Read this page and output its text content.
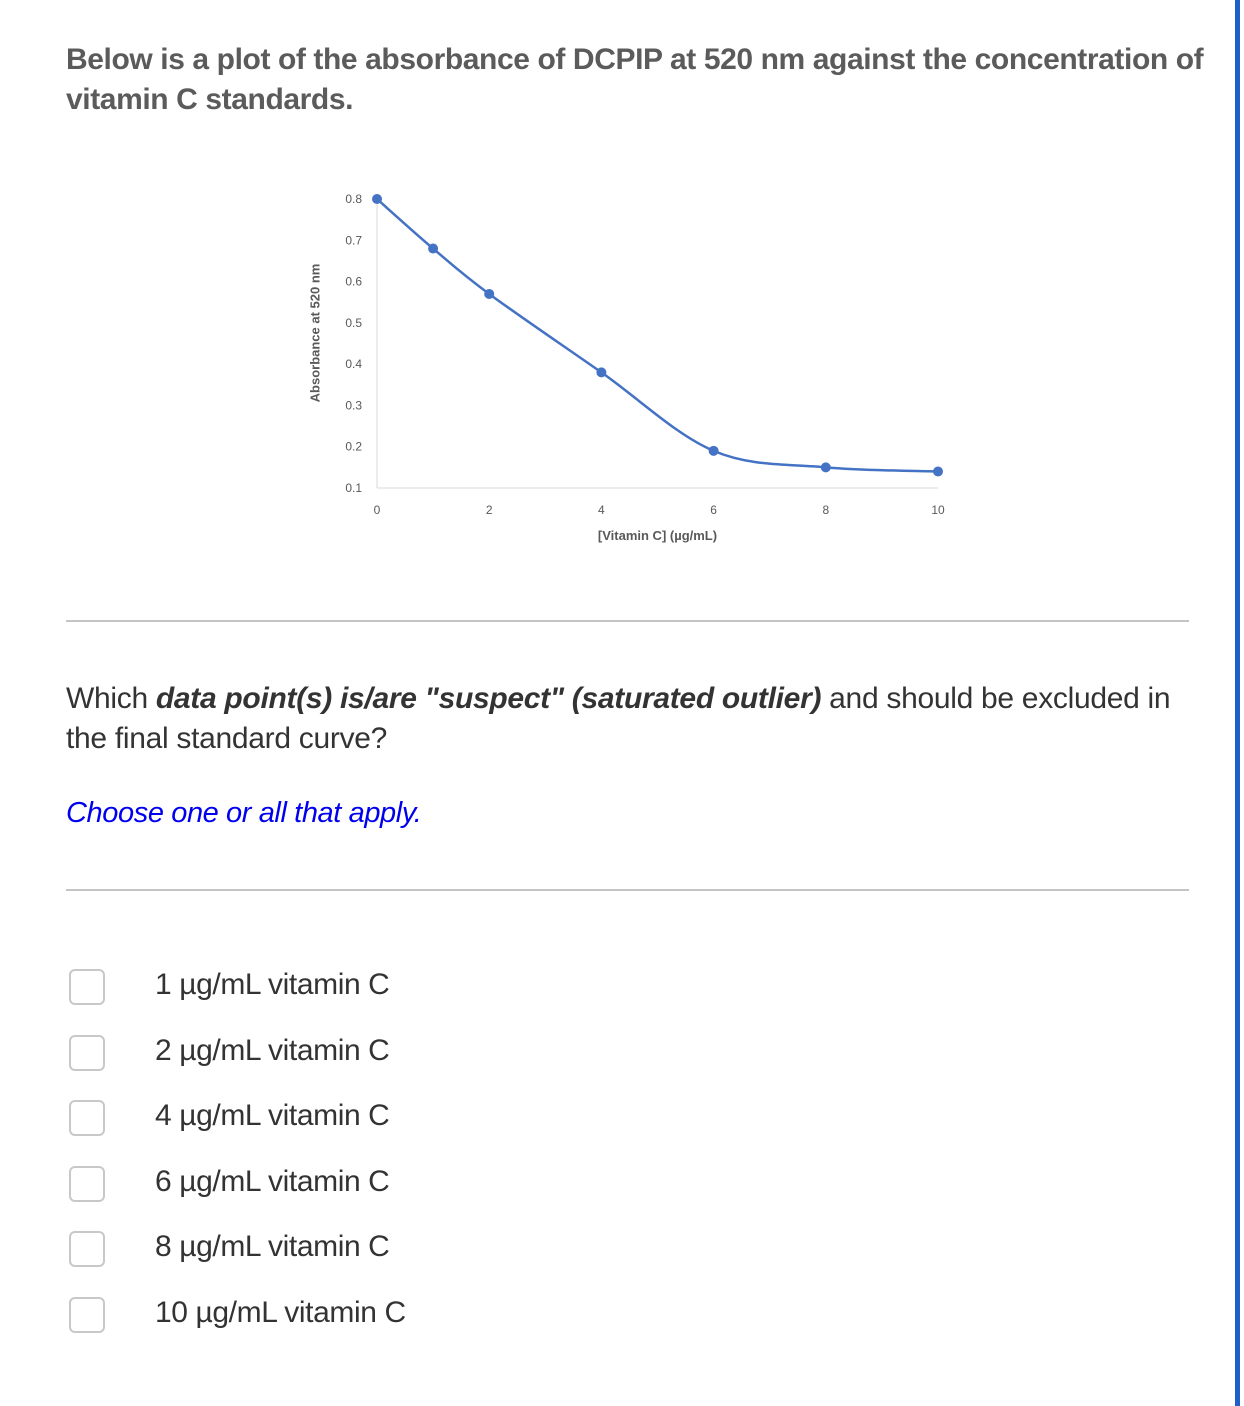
Below is a plot of the absorbance of DCPIP at 520 nm against the concentration of vitamin C standards.
0.1
0.2
0.3
0.4
0.5
0.6
0.7
0.8
0	2	4	6	8	10
Absorbance at 520 nm
[Vitamin C] (µg/mL)
Which data point(s) is/are "suspect" (saturated outlier) and should be excluded in the final standard curve?
Choose one or all that apply.
1 µg/mL vitamin C
2 µg/mL vitamin C
4 µg/mL vitamin C
6 µg/mL vitamin C
8 µg/mL vitamin C
10 µg/mL vitamin C
